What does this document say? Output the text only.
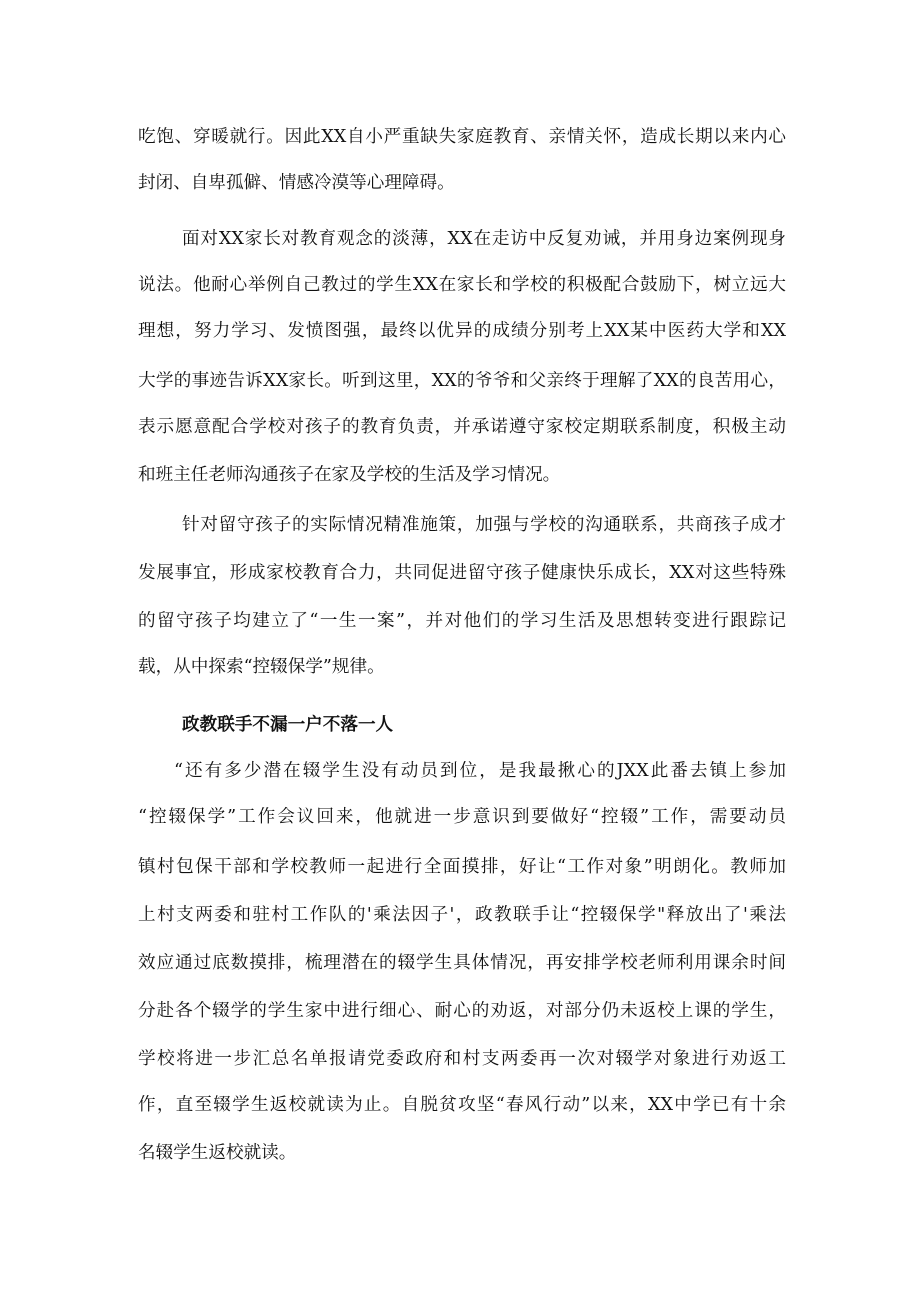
吃饱、穿暖就行。因此XX自小严重缺失家庭教育、亲情关怀，造成长期以来内心
封闭、自卑孤僻、情感冷漠等心理障碍。
面对XX家长对教育观念的淡薄，XX在走访中反复劝诫，并用身边案例现身
说法。他耐心举例自己教过的学生XX在家长和学校的积极配合鼓励下，树立远大
理想，努力学习、发愤图强，最终以优异的成绩分别考上XX某中医药大学和XX
大学的事迹告诉XX家长。听到这里，XX的爷爷和父亲终于理解了XX的良苦用心，
表示愿意配合学校对孩子的教育负责，并承诺遵守家校定期联系制度，积极主动
和班主任老师沟通孩子在家及学校的生活及学习情况。
针对留守孩子的实际情况精准施策，加强与学校的沟通联系，共商孩子成才
发展事宜，形成家校教育合力，共同促进留守孩子健康快乐成长，XX对这些特殊
的留守孩子均建立了“一生一案”，并对他们的学习生活及思想转变进行跟踪记
载，从中探索“控辍保学”规律。
政教联手不漏一户不落一人
“还有多少潜在辍学生没有动员到位，是我最揪心的JXX此番去镇上参加
“控辍保学”工作会议回来，他就进一步意识到要做好“控辍”工作，需要动员
镇村包保干部和学校教师一起进行全面摸排，好让“工作对象”明朗化。教师加
上村支两委和驻村工作队的'乘法因子'，政教联手让“控辍保学"释放出了'乘法
效应通过底数摸排，梳理潜在的辍学生具体情况，再安排学校老师利用课余时间
分赴各个辍学的学生家中进行细心、耐心的劝返，对部分仍未返校上课的学生，
学校将进一步汇总名单报请党委政府和村支两委再一次对辍学对象进行劝返工
作，直至辍学生返校就读为止。自脱贫攻坚“春风行动”以来，XX中学已有十余
名辍学生返校就读。
